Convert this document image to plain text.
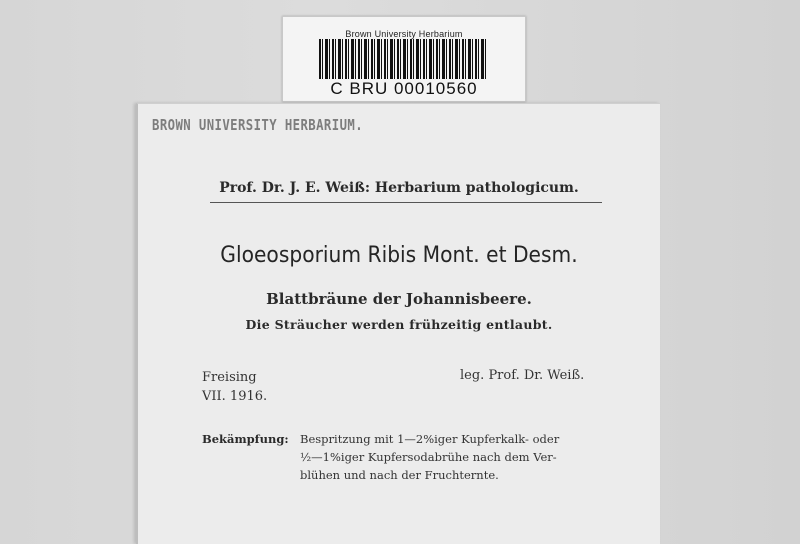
Brown University Herbarium
C BRU 00010560
BROWN UNIVERSITY HERBARIUM.
Prof. Dr. J. E. Weiß: Herbarium pathologicum.
Gloeosporium Ribis Mont. et Desm.
Blattbräune der Johannisbeere.
Die Sträucher werden frühzeitig entlaubt.
Freising
VII. 1916.
leg. Prof. Dr. Weiß.
Bekämpfung: Bespritzung mit 1—2%iger Kupferkalk- oder
½—1%iger Kupfersodabrühe nach dem Ver-
blühen und nach der Fruchternte.
